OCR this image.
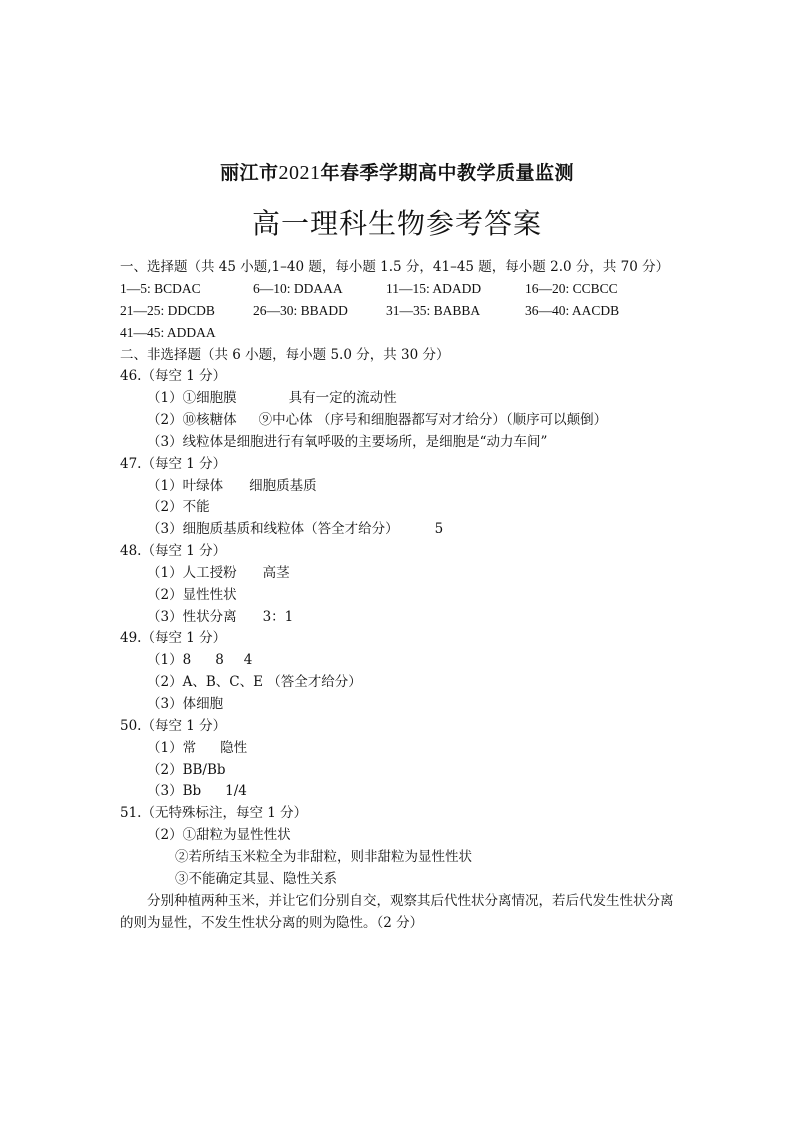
丽江市2021年春季学期高中教学质量监测
高一理科生物参考答案
一、选择题（共 45 小题,1–40 题，每小题 1.5 分，41–45 题，每小题 2.0 分，共 70 分）
1—5: BCDAC	6—10: DDAAA	11—15: ADADD	16—20: CCBCC
21—25: DDCDB	26—30: BBADD	31—35: BABBA	36—40: AACDB
41—45: ADDAA
二、非选择题（共 6 小题，每小题 5.0 分，共 30 分）
46.（每空 1 分）
（1）①细胞膜	具有一定的流动性
（2）⑩核糖体 ⑨中心体 （序号和细胞器都写对才给分）（顺序可以颠倒）
（3）线粒体是细胞进行有氧呼吸的主要场所，是细胞是“动力车间”
47.（每空 1 分）
（1）叶绿体 细胞质基质
（2）不能
（3）细胞质基质和线粒体（答全才给分）	5
48.（每空 1 分）
（1）人工授粉 高茎
（2）显性性状
（3）性状分离 3：1
49.（每空 1 分）
（1）8 8 4
（2）A、B、C、E （答全才给分）
（3）体细胞
50.（每空 1 分）
（1）常 隐性
（2）BB/Bb
（3）Bb 1/4
51.（无特殊标注，每空 1 分）
（2）①甜粒为显性性状
②若所结玉米粒全为非甜粒，则非甜粒为显性性状
③不能确定其显、隐性关系
分别种植两种玉米，并让它们分别自交，观察其后代性状分离情况，若后代发生性状分离的则为显性，不发生性状分离的则为隐性。（2 分）
